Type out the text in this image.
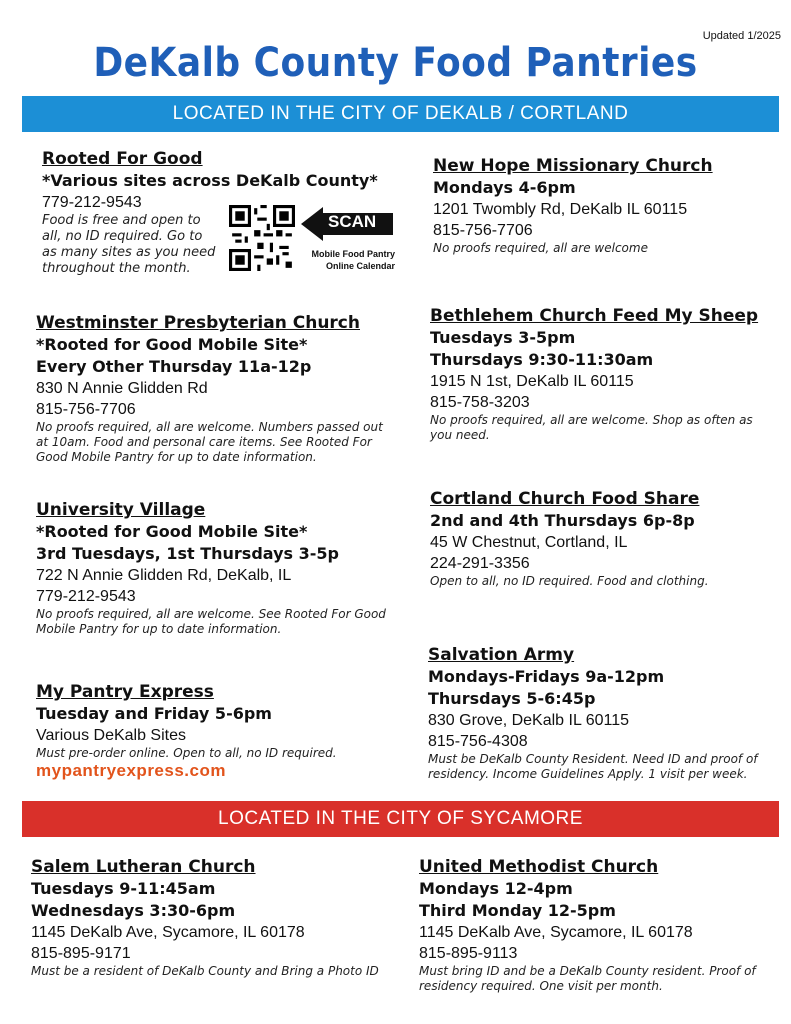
Updated 1/2025
DeKalb County Food Pantries
LOCATED IN THE CITY OF DEKALB / CORTLAND
Rooted For Good
*Various sites across DeKalb County*
779-212-9543
Food is free and open to all, no ID required. Go to as many sites as you need throughout the month.
SCAN
Mobile Food Pantry Online Calendar
Westminster Presbyterian Church
*Rooted for Good Mobile Site*
Every Other Thursday 11a-12p
830 N Annie Glidden Rd
815-756-7706
No proofs required, all are welcome. Numbers passed out at 10am. Food and personal care items. See Rooted For Good Mobile Pantry for up to date information.
University Village
*Rooted for Good Mobile Site*
3rd Tuesdays, 1st Thursdays 3-5p
722 N Annie Glidden Rd, DeKalb, IL
779-212-9543
No proofs required, all are welcome. See Rooted For Good Mobile Pantry for up to date information.
My Pantry Express
Tuesday and Friday 5-6pm
Various DeKalb Sites
Must pre-order online. Open to all, no ID required.
mypantryexpress.com
New Hope Missionary Church
Mondays 4-6pm
1201 Twombly Rd, DeKalb IL 60115
815-756-7706
No proofs required, all are welcome
Bethlehem Church Feed My Sheep
Tuesdays 3-5pm
Thursdays 9:30-11:30am
1915 N 1st, DeKalb IL 60115
815-758-3203
No proofs required, all are welcome. Shop as often as you need.
Cortland Church Food Share
2nd and 4th Thursdays 6p-8p
45 W Chestnut, Cortland, IL
224-291-3356
Open to all, no ID required. Food and clothing.
Salvation Army
Mondays-Fridays 9a-12pm
Thursdays 5-6:45p
830 Grove, DeKalb IL 60115
815-756-4308
Must be DeKalb County Resident. Need ID and proof of residency. Income Guidelines Apply. 1 visit per week.
LOCATED IN THE CITY OF SYCAMORE
Salem Lutheran Church
Tuesdays 9-11:45am
Wednesdays 3:30-6pm
1145 DeKalb Ave, Sycamore, IL 60178
815-895-9171
Must be a resident of DeKalb County and Bring a Photo ID
United Methodist Church
Mondays 12-4pm
Third Monday 12-5pm
1145 DeKalb Ave, Sycamore, IL 60178
815-895-9113
Must bring ID and be a DeKalb County resident. Proof of residency required. One visit per month.
